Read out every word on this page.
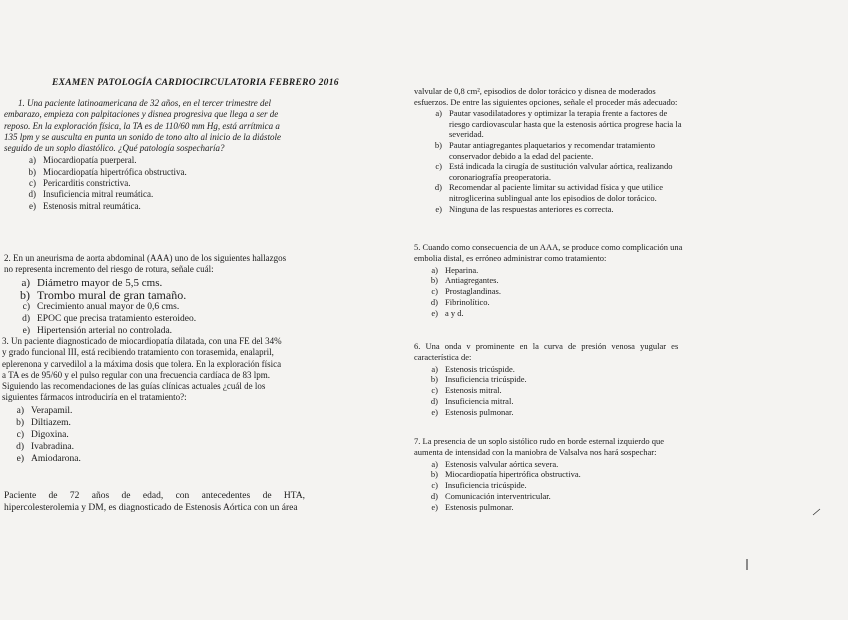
EXAMEN PATOLOGÍA CARDIOCIRCULATORIA FEBRERO 2016
1. Una paciente latinoamericana de 32 años, en el tercer trimestre del
embarazo, empieza con palpitaciones y disnea progresiva que llega a ser de
reposo. En la exploración física, la TA es de 110/60 mm Hg, está arrítmica a
135 lpm y se ausculta en punta un sonido de tono alto al inicio de la diástole
seguido de un soplo diastólico. ¿Qué patología sospecharía?
a) Miocardiopatía puerperal.
b) Miocardiopatía hipertrófica obstructiva.
c) Pericarditis constrictiva.
d) Insuficiencia mitral reumática.
e) Estenosis mitral reumática.
2. En un aneurisma de aorta abdominal (AAA) uno de los siguientes hallazgos
no representa incremento del riesgo de rotura, señale cuál:
a) Diámetro mayor de 5,5 cms.
b) Trombo mural de gran tamaño.
c) Crecimiento anual mayor de 0,6 cms.
d) EPOC que precisa tratamiento esteroideo.
e) Hipertensión arterial no controlada.
3. Un paciente diagnosticado de miocardiopatía dilatada, con una FE del 34%
y grado funcional III, está recibiendo tratamiento con torasemida, enalapril,
eplerenona y carvedilol a la máxima dosis que tolera. En la exploración física
a TA es de 95/60 y el pulso regular con una frecuencia cardíaca de 83 lpm.
Siguiendo las recomendaciones de las guías clínicas actuales ¿cuál de los
siguientes fármacos introduciría en el tratamiento?:
a) Verapamil.
b) Diltiazem.
c) Digoxina.
d) Ivabradina.
e) Amiodarona.
Paciente de 72 años de edad, con antecedentes de HTA,
hipercolesterolemia y DM, es diagnosticado de Estenosis Aórtica con un área
valvular de 0,8 cm², episodios de dolor torácico y disnea de moderados
esfuerzos. De entre las siguientes opciones, señale el proceder más adecuado:
a) Pautar vasodilatadores y optimizar la terapia frente a factores de
riesgo cardiovascular hasta que la estenosis aórtica progrese hacia la
severidad.
b) Pautar antiagregantes plaquetarios y recomendar tratamiento
conservador debido a la edad del paciente.
c) Está indicada la cirugía de sustitución valvular aórtica, realizando
coronariografía preoperatoria.
d) Recomendar al paciente limitar su actividad física y que utilice
nitroglicerina sublingual ante los episodios de dolor torácico.
e) Ninguna de las respuestas anteriores es correcta.
5. Cuando como consecuencia de un AAA, se produce como complicación una
embolia distal, es erróneo administrar como tratamiento:
a) Heparina.
b) Antiagregantes.
c) Prostaglandinas.
d) Fibrinolítico.
e) a y d.
6. Una onda v prominente en la curva de presión venosa yugular es
característica de:
a) Estenosis tricúspide.
b) Insuficiencia tricúspide.
c) Estenosis mitral.
d) Insuficiencia mitral.
e) Estenosis pulmonar.
7. La presencia de un soplo sistólico rudo en borde esternal izquierdo que
aumenta de intensidad con la maniobra de Valsalva nos hará sospechar:
a) Estenosis valvular aórtica severa.
b) Miocardiopatía hipertrófica obstructiva.
c) Insuficiencia tricúspide.
d) Comunicación interventricular.
e) Estenosis pulmonar.
